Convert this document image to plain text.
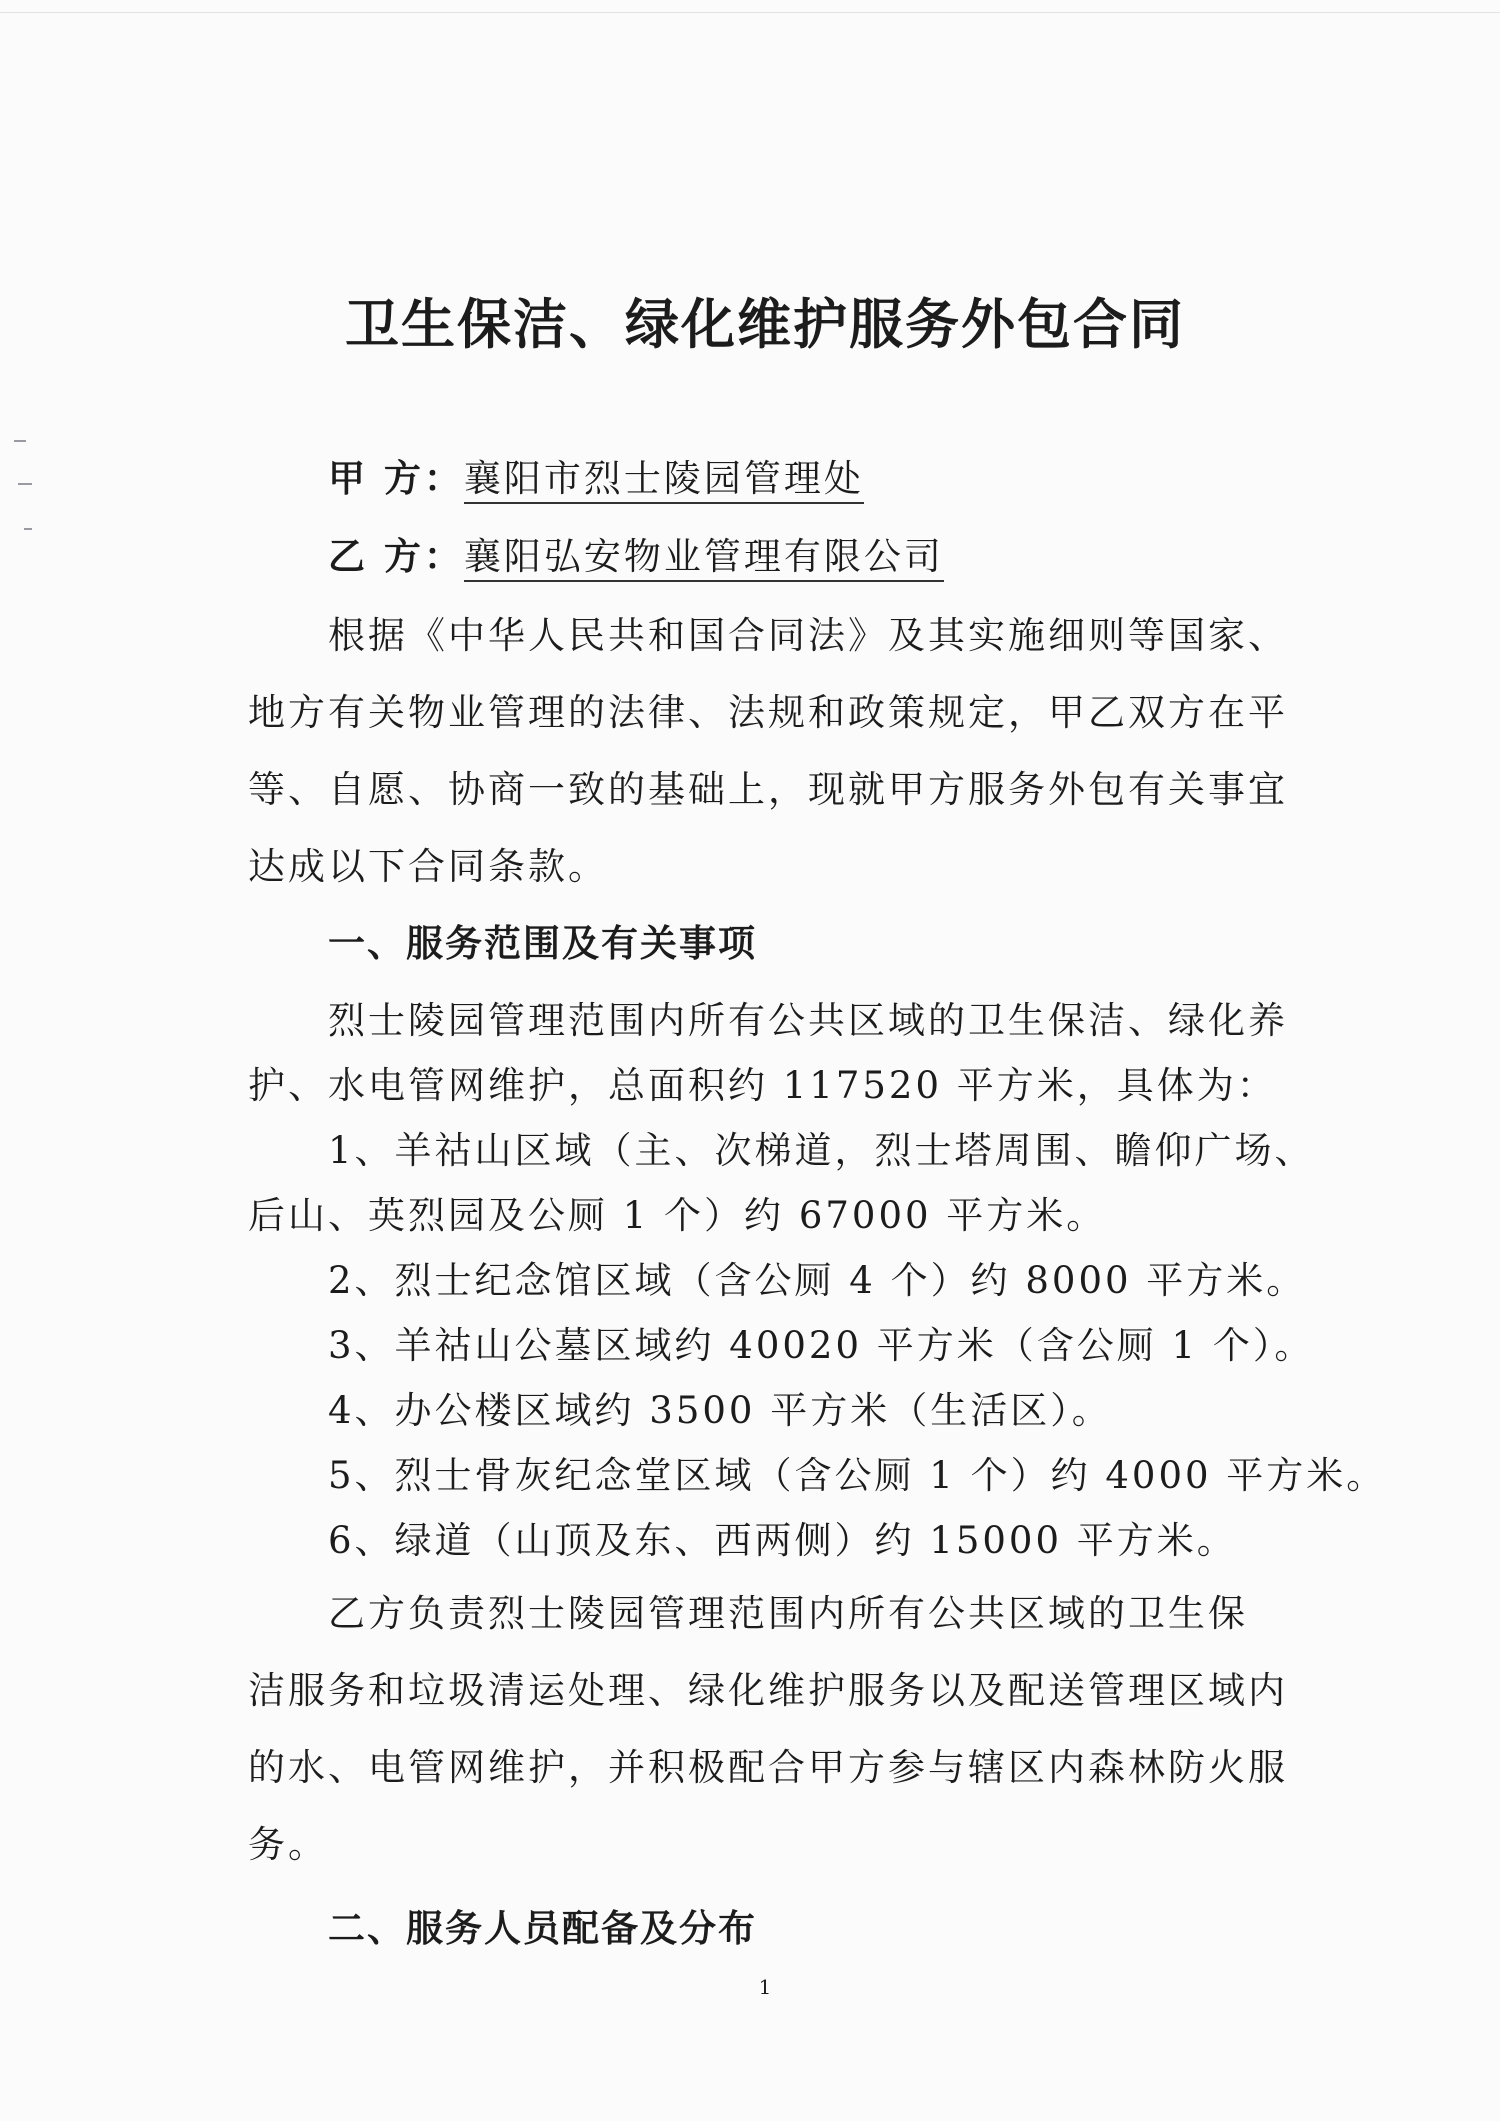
卫生保洁、绿化维护服务外包合同
甲 方：襄阳市烈士陵园管理处
乙 方：襄阳弘安物业管理有限公司
根据《中华人民共和国合同法》及其实施细则等国家、
地方有关物业管理的法律、法规和政策规定，甲乙双方在平
等、自愿、协商一致的基础上，现就甲方服务外包有关事宜
达成以下合同条款。
一、服务范围及有关事项
烈士陵园管理范围内所有公共区域的卫生保洁、绿化养
护、水电管网维护，总面积约 117520 平方米，具体为：
1、羊祜山区域（主、次梯道，烈士塔周围、瞻仰广场、
后山、英烈园及公厕 1 个）约 67000 平方米。
2、烈士纪念馆区域（含公厕 4 个）约 8000 平方米。
3、羊祜山公墓区域约 40020 平方米（含公厕 1 个）。
4、办公楼区域约 3500 平方米（生活区）。
5、烈士骨灰纪念堂区域（含公厕 1 个）约 4000 平方米。
6、绿道（山顶及东、西两侧）约 15000 平方米。
乙方负责烈士陵园管理范围内所有公共区域的卫生保
洁服务和垃圾清运处理、绿化维护服务以及配送管理区域内
的水、电管网维护，并积极配合甲方参与辖区内森林防火服
务。
二、服务人员配备及分布
1
